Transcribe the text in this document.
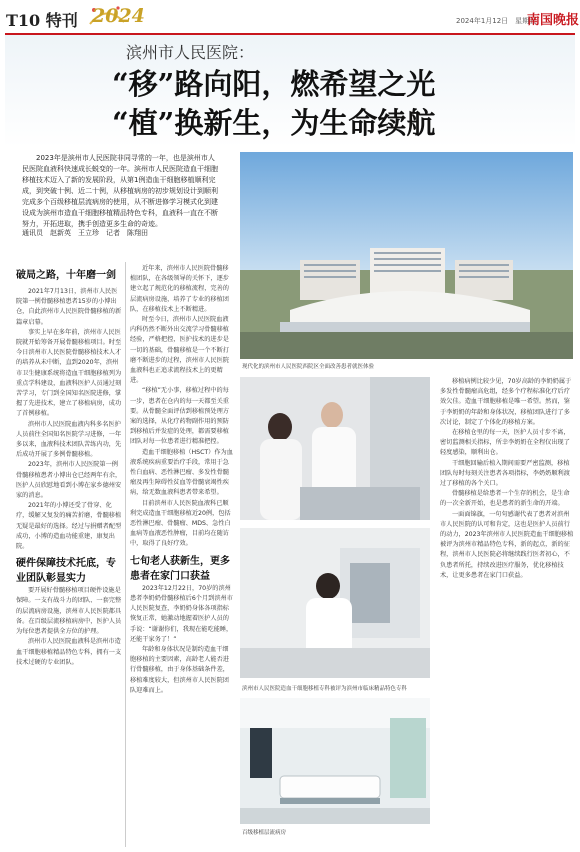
T10 特刊 2024	2024年1月12日　星期五
南国晚报
滨州市人民医院：
“移”路向阳，燃希望之光
“植”换新生，为生命续航
2023年是滨州市人民医院非同寻常的一年，也是滨州市人民医院血液科快速成长蜕变的一年。滨州市人民医院造血干细胞移植技术迈入了新的发展阶段，从第1例造血干细胞移植顺利完成，到突破十例、近二十例，从移植病房的初步规划设计到顺利完成多个百级移植层流病房的使用，从不断进修学习模式化到建设成为滨州市造血干细胞移植精品特色专科，血液科一直在不断努力，开拓进取，携手创造更多生命的奇迹。
通讯员　赵新英　王立珍　记者　陈翔田
现代化的滨州市人民医院西院区全面改善患者就医体验
滨州市人民医院造血干细胞移植专科被评为滨州市临床精品特色专科
百级移植层流病房
破局之路，十年磨一剑

2021年7月13日，滨州市人民医院第一例骨髓移植患者15岁的小博出仓，自此滨州市人民医院骨髓移植的新篇章启幕。

事实上早在多年前，滨州市人民医院就开始筹备开展骨髓移植项目。时至今日滨州市人民医院骨髓移植技术人才的培养从未中断，直到2020年，滨州市卫生健康系统将造血干细胞移植列为重点学科建设，血液科医护人员通过刻苦学习，专门到全国知名医院进修，掌握了先进技术，建立了移植病房，成功了首例移植。

滨州市人民医院血液内科多名医护人员前往全国知名医院学习进修，一年多以来，血液科技术团队苦练内功，先后成功开展了多例骨髓移植。

2023年，滨州市人民医院第一例骨髓移植患者小博出仓已经两年有余，医护人员欣慰地看到小博在家乡德州安家的消息。

2021年的小博还受了骨穿、化疗，缓解又复发的痛苦折磨，骨髓移植无疑是最好的选择。经过与捐赠者配型成功，小博的造血功能重建，康复出院。

硬件保障技术托底，专业团队彰显实力

要开展好骨髓移植项目硬件设施是保障。一支有战斗力的团队、一套完整的层流病房设施，滨州市人民医院都具备。在百级层流移植病房中，医护人员为每位患者提供全方位的护理。

滨州市人民医院血液科是滨州市造血干细胞移植精品特色专科，拥有一支技术过硬的专业团队。

近年来，滨州市人民医院骨髓移植团队，在各级领导的关怀下，逐步建立起了规范化的移植流程，完善的层流病房设施，培养了专业的移植团队，在移植技术上不断精进。

时至今日，滨州市人民医院血液内科仍然不断外出交流学习骨髓移植经验，严格把控，医护技术的进步是一切的基础，骨髓移植是一个不断打磨不断进步的过程，滨州市人民医院血液科也正追求流程技术上的更精进。

“移植”无小事，移植过程中的每一步，患者在仓内的每一天都至关重要。从骨髓全面评估到移植预处理方案的选择，从化疗药物副作用的预防到移植后并发症的处理，都需要移植团队对每一位患者进行精准把控。

造血干细胞移植（HSCT）作为血液系统疾病重要治疗手段，常用于急性白血病、恶性淋巴瘤、多发性骨髓瘤及再生障碍性贫血等骨髓衰竭性疾病，给无数血液科患者带来希望。

目前滨州市人民医院血液科已顺利完成造血干细胞移植近20例，包括恶性淋巴瘤、骨髓瘤、MDS、急性白血病等血液恶性肿瘤，目前均在随访中，取得了良好疗效。

七旬老人获新生，更多患者在家门口获益

2023年12月22日，70岁的滨州患者李奶奶骨髓移植后6个月到滨州市人民医院复查，李奶奶身体各项指标恢复正常，她激动地握着医护人员的手说：“谢谢你们，我现在能吃能睡，还能干家务了！”

年龄和身体状况是制约造血干细胞移植的主要因素，高龄老人能否进行骨髓移植，由于身体基础条件差，移植难度较大，但滨州市人民医院团队迎难而上。

移植病例比较少见，70岁高龄的李奶奶属于多发性骨髓瘤高危组，经多个疗程标准化疗后疗效欠佳。造血干细胞移植是唯一希望。然而，鉴于李奶奶的年龄和身体状况，移植团队进行了多次讨论，制定了个体化的移植方案。

在移植仓里的每一天，医护人员寸步不离，密切监测相关指标，所幸李奶奶在全程仅出现了轻度感染，顺利出仓。

干细胞回输后植入期间需要严密监测，移植团队每时每刻关注患者各项指标，李奶奶顺利渡过了移植的各个关口。

骨髓移植是给患者一个生存的机会，是生命的一次全新开始，也是患者的新生命的开端。

一面面锦旗，一句句感谢代表了患者对滨州市人民医院的认可和肯定，这也是医护人员前行的动力，2023年滨州市人民医院造血干细胞移植被评为滨州市精品特色专科，新的起点，新的征程，滨州市人民医院必将继续践行医者初心，不负患者所托，持续改进医疗服务，优化移植技术，让更多患者在家门口获益。
